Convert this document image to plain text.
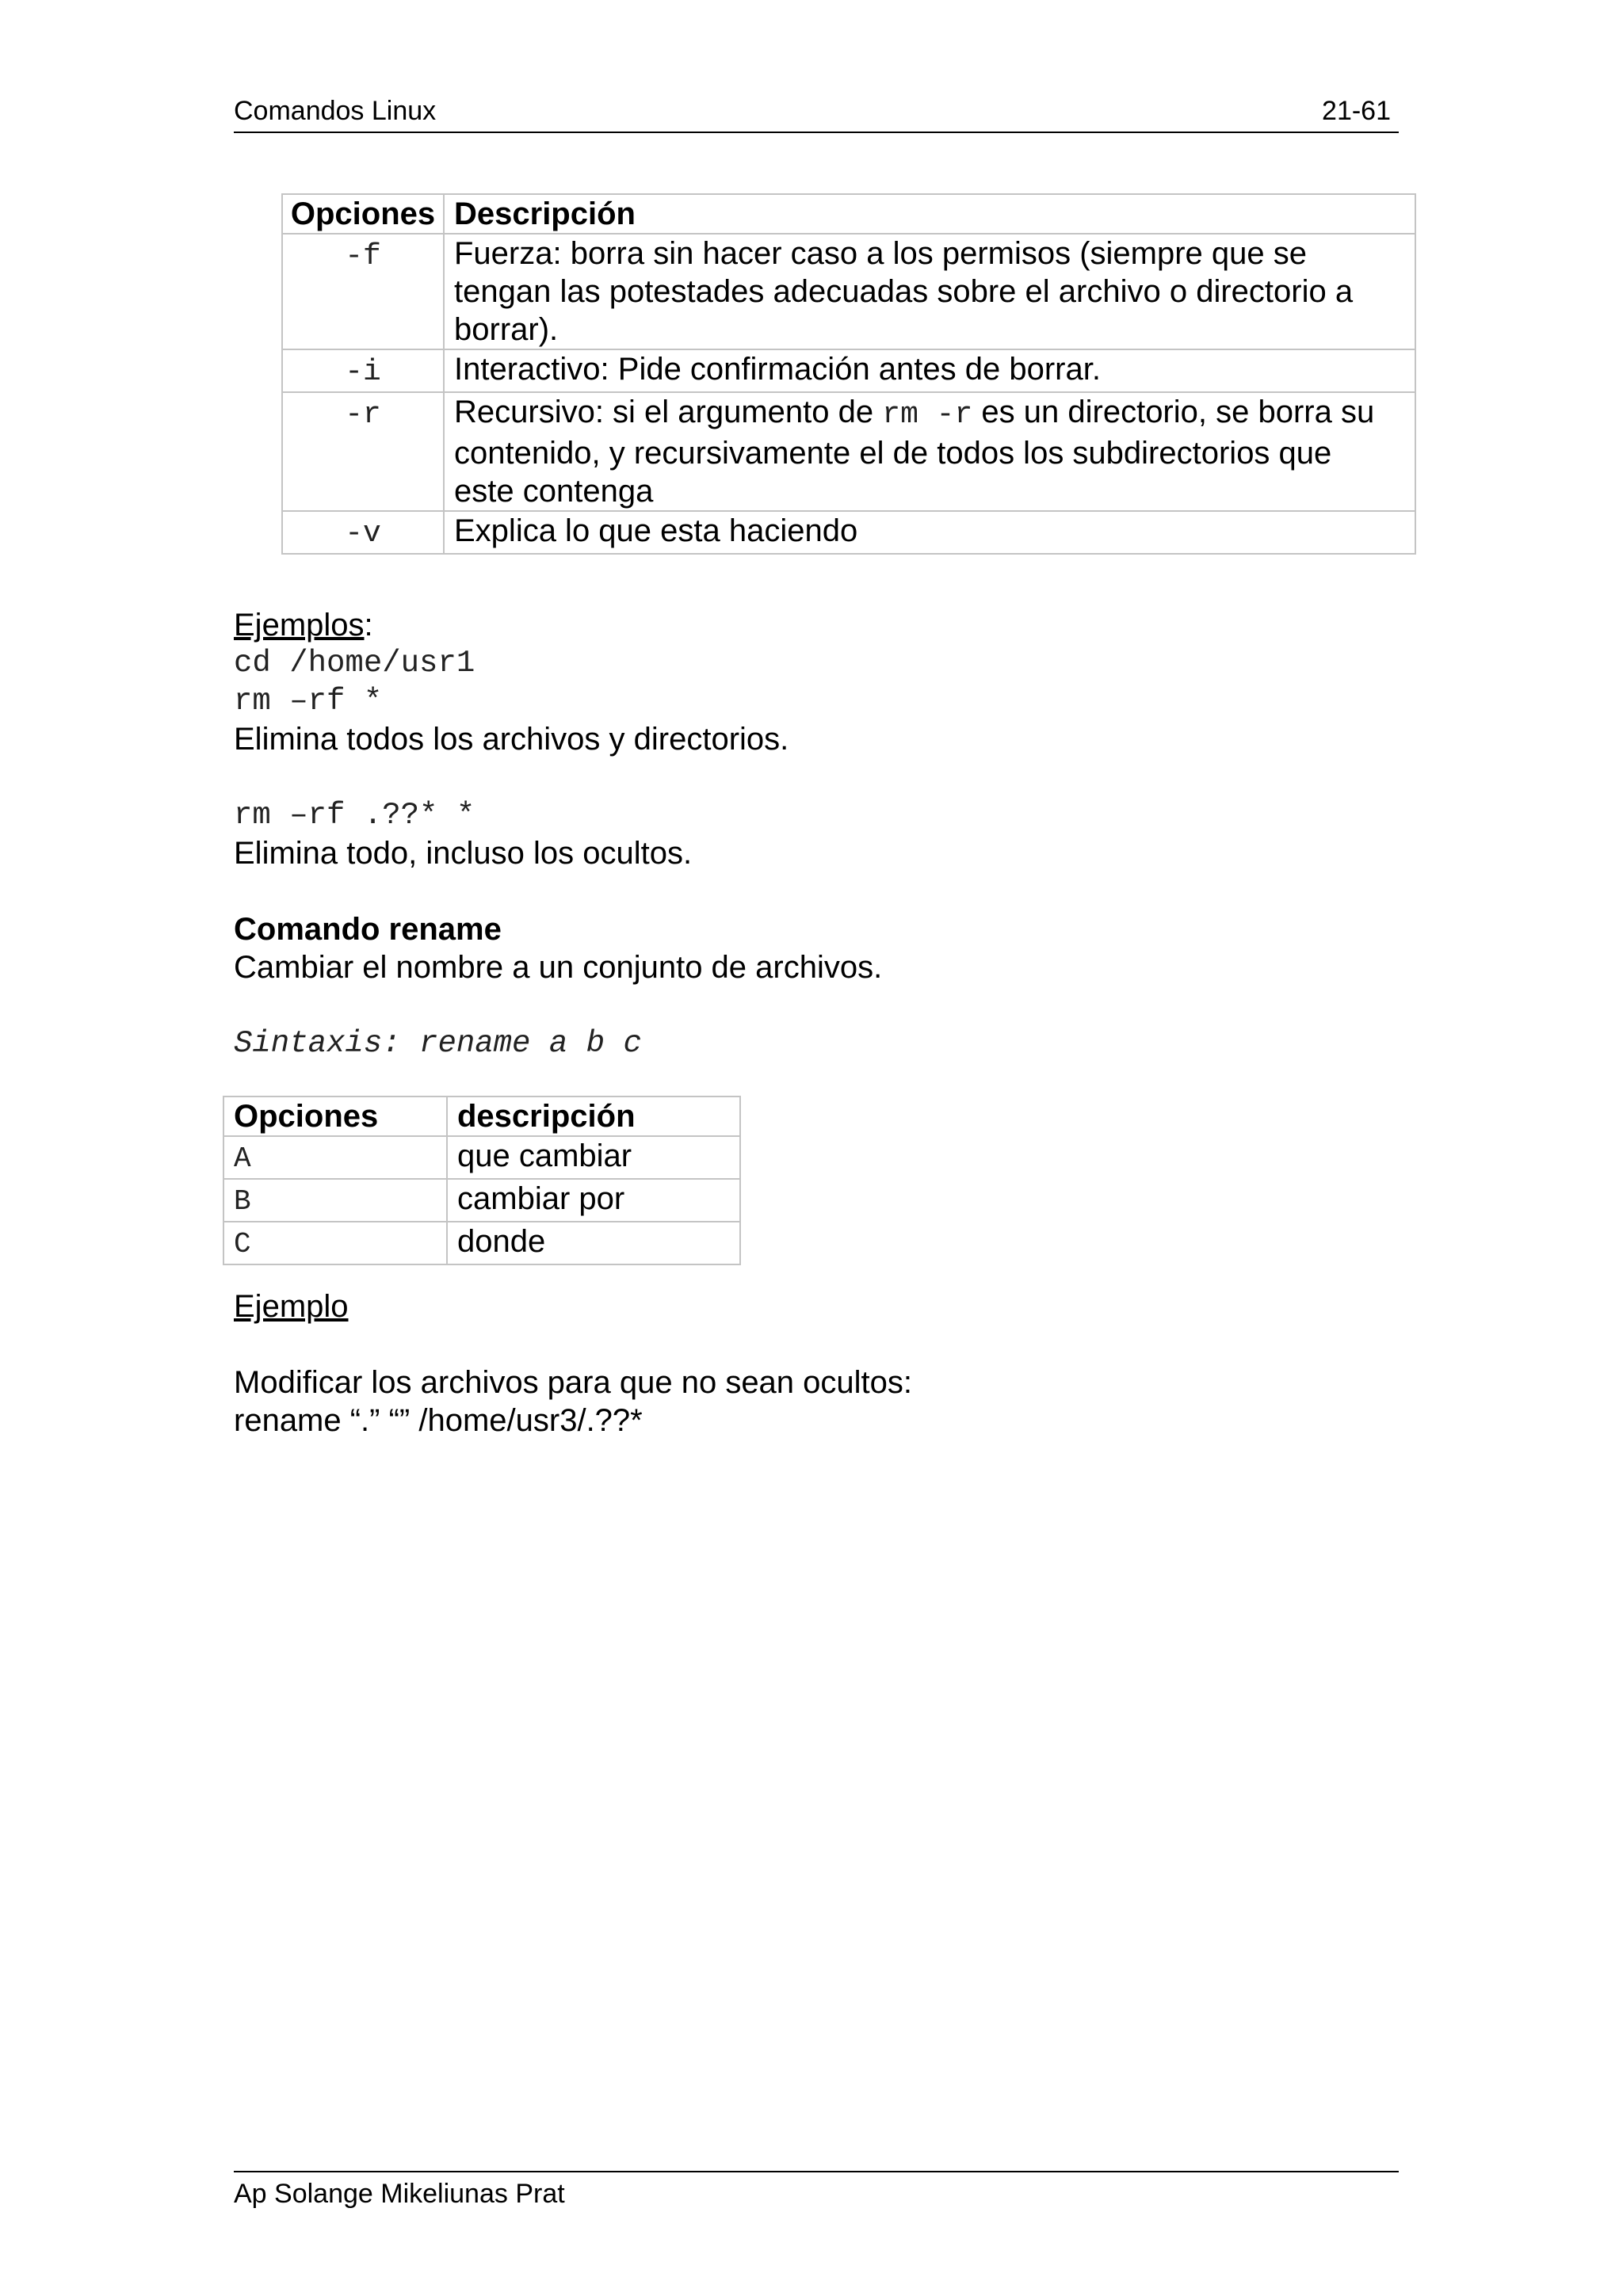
Comandos Linux	21-61
Opciones	Descripción
-f	Fuerza: borra sin hacer caso a los permisos (siempre que se tengan las potestades adecuadas sobre el archivo o directorio a borrar).
-i	Interactivo: Pide confirmación antes de borrar.
-r	Recursivo: si el argumento de rm -r es un directorio, se borra su contenido, y recursivamente el de todos los subdirectorios que este contenga
-v	Explica lo que esta haciendo
Ejemplos:
cd /home/usr1
rm –rf *
Elimina todos los archivos y directorios.
rm –rf .??* *
Elimina todo, incluso los ocultos.
Comando rename
Cambiar el nombre a un conjunto de archivos.
Sintaxis: rename a b c
Opciones	descripción
A	que cambiar
B	cambiar por
C	donde
Ejemplo
Modificar los archivos para que no sean ocultos:
rename “.” “” /home/usr3/.??*
Ap Solange Mikeliunas Prat
